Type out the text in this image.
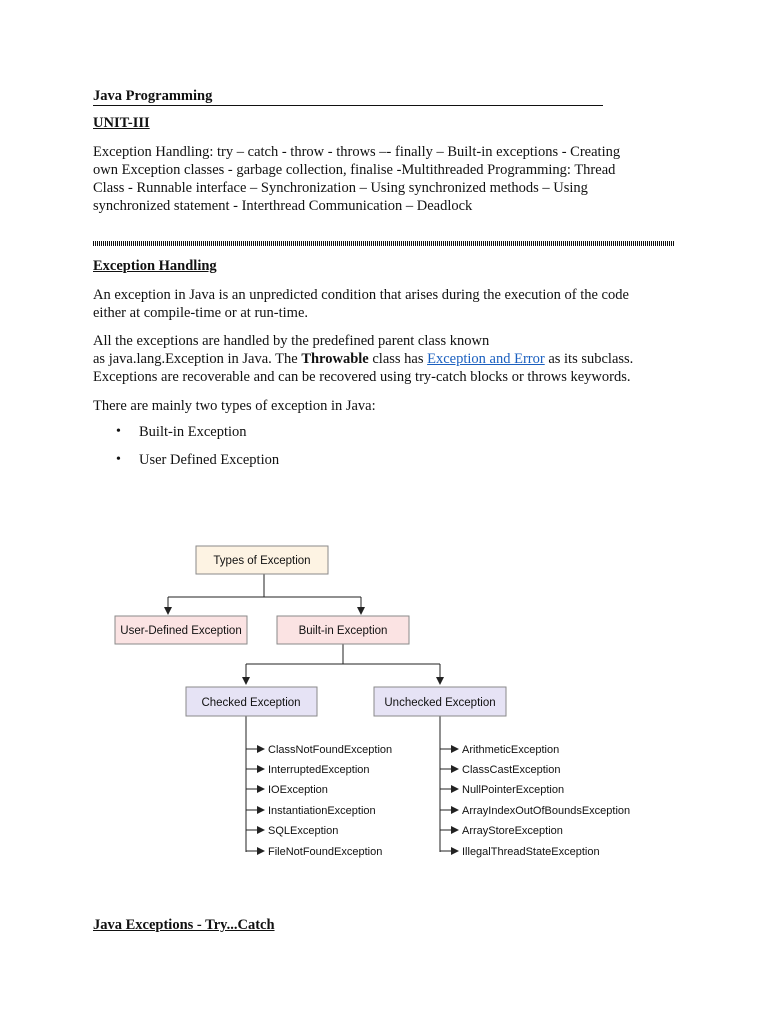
Java Programming
UNIT-III
Exception Handling: try – catch - throw - throws –- finally – Built-in exceptions - Creating
own Exception classes - garbage collection, finalise -Multithreaded Programming: Thread
Class - Runnable interface – Synchronization – Using synchronized methods – Using
synchronized statement - Interthread Communication – Deadlock
Exception Handling
An exception in Java is an unpredicted condition that arises during the execution of the code
either at compile-time or at run-time.
All the exceptions are handled by the predefined parent class known
as java.lang.Exception in Java. The Throwable class has Exception and Error as its subclass.
Exceptions are recoverable and can be recovered using try-catch blocks or throws keywords.
There are mainly two types of exception in Java:
• Built-in Exception
• User Defined Exception
Types of Exception
User-Defined Exception	Built-in Exception
Checked Exception	Unchecked Exception
ClassNotFoundException
InterruptedException
IOException
InstantiationException
SQLException
FileNotFoundException
ArithmeticException
ClassCastException
NullPointerException
ArrayIndexOutOfBoundsException
ArrayStoreException
IllegalThreadStateException
Java Exceptions - Try...Catch
